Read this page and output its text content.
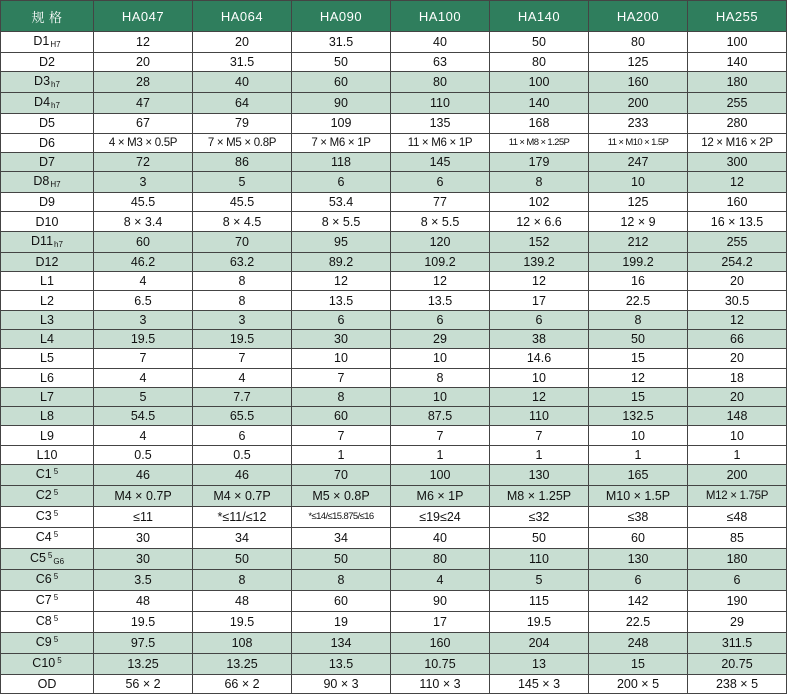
规 格	HA047	HA064	HA090	HA100	HA140	HA200	HA255
D1H7	12	20	31.5	40	50	80	100
D2	20	31.5	50	63	80	125	140
D3h7	28	40	60	80	100	160	180
D4h7	47	64	90	110	140	200	255
D5	67	79	109	135	168	233	280
D6	4 × M3 × 0.5P	7 × M5 × 0.8P	7 × M6 × 1P	11 × M6 × 1P	11 × M8 × 1.25P	11 × M10 × 1.5P	12 × M16 × 2P
D7	72	86	118	145	179	247	300
D8H7	3	5	6	6	8	10	12
D9	45.5	45.5	53.4	77	102	125	160
D10	8 × 3.4	8 × 4.5	8 × 5.5	8 × 5.5	12 × 6.6	12 × 9	16 × 13.5
D11h7	60	70	95	120	152	212	255
D12	46.2	63.2	89.2	109.2	139.2	199.2	254.2
L1	4	8	12	12	12	16	20
L2	6.5	8	13.5	13.5	17	22.5	30.5
L3	3	3	6	6	6	8	12
L4	19.5	19.5	30	29	38	50	66
L5	7	7	10	10	14.6	15	20
L6	4	4	7	8	10	12	18
L7	5	7.7	8	10	12	15	20
L8	54.5	65.5	60	87.5	110	132.5	148
L9	4	6	7	7	7	10	10
L10	0.5	0.5	1	1	1	1	1
C1 $^5$	46	46	70	100	130	165	200
C2 $^5$	M4 × 0.7P	M4 × 0.7P	M5 × 0.8P	M6 × 1P	M8 × 1.25P	M10 × 1.5P	M12 × 1.75P
C3 $^5$	≤11	*≤11/≤12	*≤14/≤15.875/≤16	≤19≤24	≤32	≤38	≤48
C4 $^5$	30	34	34	40	50	60	85
C5 $^5$G6	30	50	50	80	110	130	180
C6 $^5$	3.5	8	8	4	5	6	6
C7 $^5$	48	48	60	90	115	142	190
C8 $^5$	19.5	19.5	19	17	19.5	22.5	29
C9 $^5$	97.5	108	134	160	204	248	311.5
C10 $^5$	13.25	13.25	13.5	10.75	13	15	20.75
OD	56 × 2	66 × 2	90 × 3	110 × 3	145 × 3	200 × 5	238 × 5
